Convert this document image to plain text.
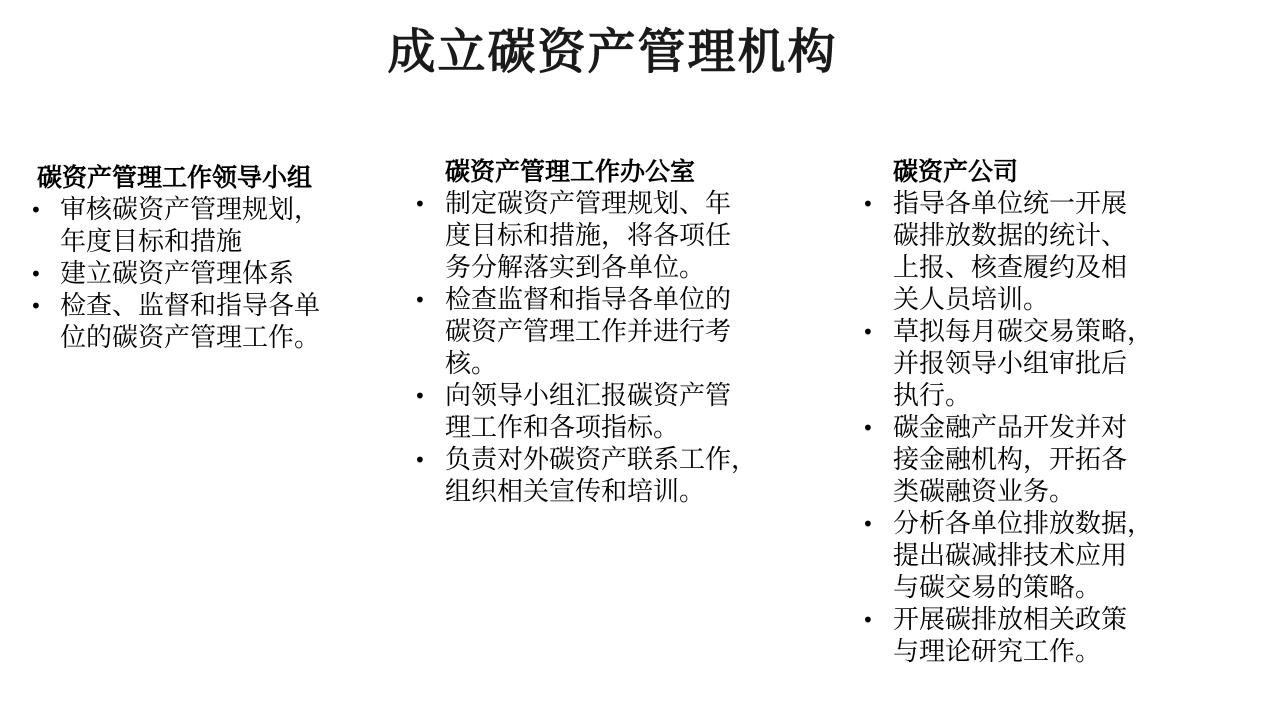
成立碳资产管理机构
碳资产管理工作领导小组
• 审核碳资产管理规划，
年度目标和措施
• 建立碳资产管理体系
• 检查、监督和指导各单
位的碳资产管理工作。
碳资产管理工作办公室
• 制定碳资产管理规划、年
度目标和措施，将各项任
务分解落实到各单位。
• 检查监督和指导各单位的
碳资产管理工作并进行考
核。
• 向领导小组汇报碳资产管
理工作和各项指标。
• 负责对外碳资产联系工作，
组织相关宣传和培训。
碳资产公司
• 指导各单位统一开展
碳排放数据的统计、
上报、核查履约及相
关人员培训。
• 草拟每月碳交易策略，
并报领导小组审批后
执行。
• 碳金融产品开发并对
接金融机构，开拓各
类碳融资业务。
• 分析各单位排放数据，
提出碳减排技术应用
与碳交易的策略。
• 开展碳排放相关政策
与理论研究工作。
